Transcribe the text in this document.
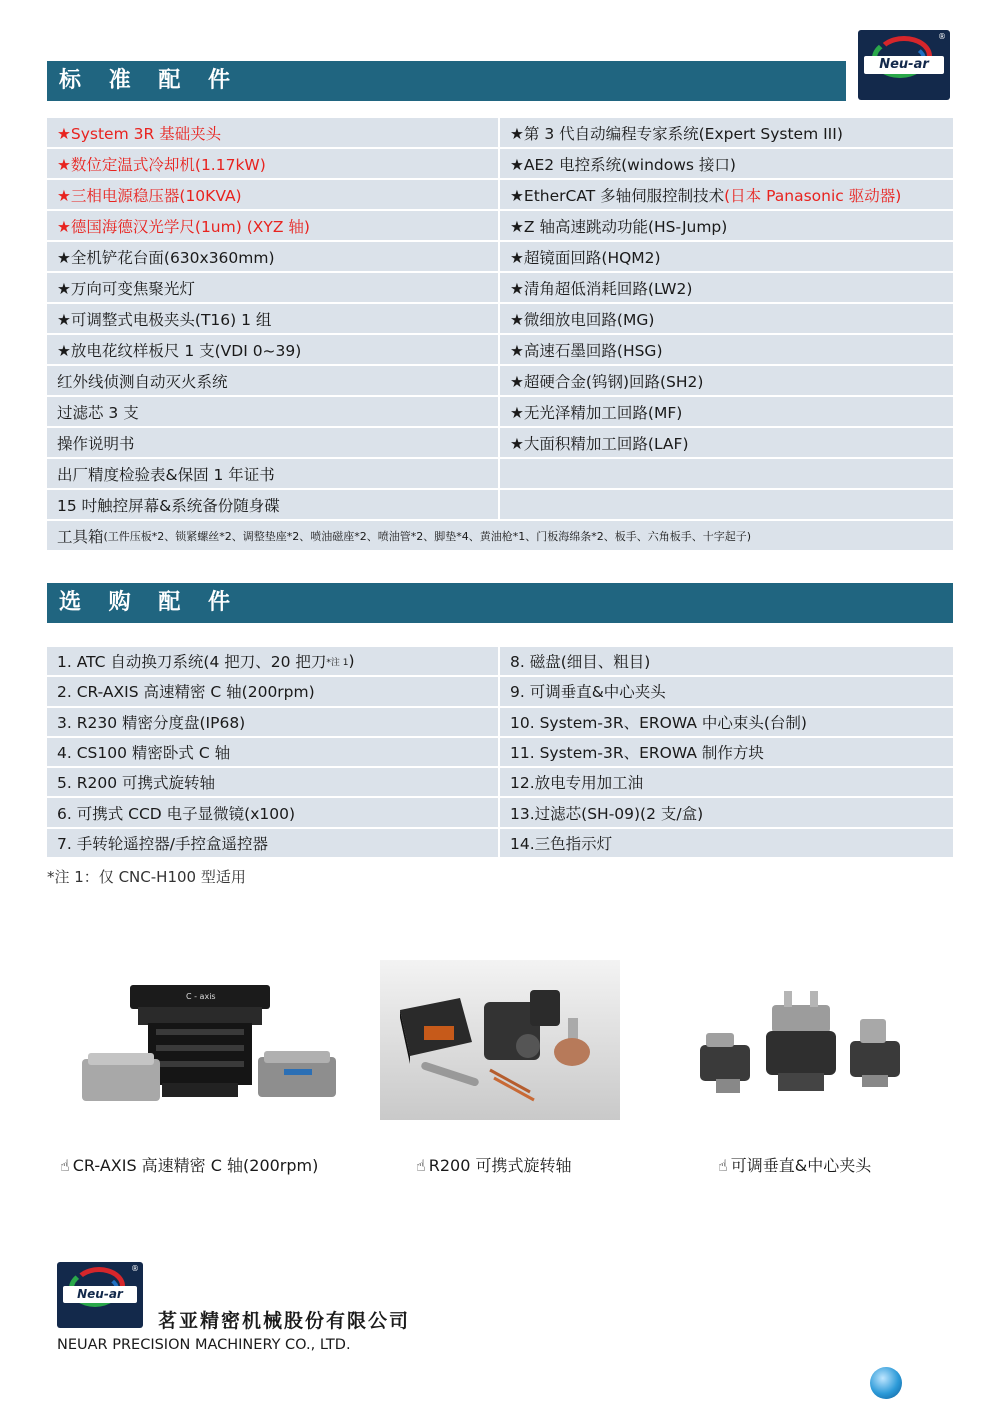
Neu-ar
®
标 准 配 件
★System 3R 基础夹头	★第 3 代自动编程专家系统(Expert System III)
★数位定温式冷却机(1.17kW)	★AE2 电控系统(windows 接口)
★三相电源稳压器(10KVA)	★EtherCAT 多轴伺服控制技术 (日本 Panasonic 驱动器)
★德国海德汉光学尺(1um) (XYZ 轴)	★Z 轴高速跳动功能(HS-Jump)
★全机铲花台面(630x360mm)	★超镜面回路(HQM2)
★万向可变焦聚光灯	★清角超低消耗回路(LW2)
★可调整式电极夹头(T16) 1 组	★微细放电回路(MG)
★放电花纹样板尺 1 支(VDI 0~39)	★高速石墨回路(HSG)
红外线侦测自动灭火系统	★超硬合金(钨钢)回路(SH2)
过滤芯 3 支	★无光泽精加工回路(MF)
操作说明书	★大面积精加工回路(LAF)
出厂精度检验表&保固 1 年证书
15 吋触控屏幕&系统备份随身碟
工具箱 (工件压板*2、锁紧螺丝*2、调整垫座*2、喷油磁座*2、喷油管*2、脚垫*4、黄油枪*1、门板海绵条*2、板手、六角板手、十字起子)
选 购 配 件
1. ATC 自动换刀系统(4 把刀、20 把刀 *注 1 )	8. 磁盘(细目、粗目)
2. CR-AXIS 高速精密 C 轴(200rpm)	9. 可调垂直&中心夹头
3. R230 精密分度盘(IP68)	10. System-3R、EROWA 中心束头(台制)
4. CS100 精密卧式 C 轴	11. System-3R、EROWA 制作方块
5. R200 可携式旋转轴	12.放电专用加工油
6. 可携式 CCD 电子显微镜(x100)	13.过滤芯(SH-09)(2 支/盒)
7. 手转轮遥控器/手控盒遥控器	14.三色指示灯
*注 1：仅 CNC-H100 型适用
C - axis
☝ CR-AXIS 高速精密 C 轴(200rpm)	☝ R200 可携式旋转轴	☝ 可调垂直&中心夹头
Neu-ar
®
茗亚精密机械股份有限公司
NEUAR PRECISION MACHINERY CO., LTD.
